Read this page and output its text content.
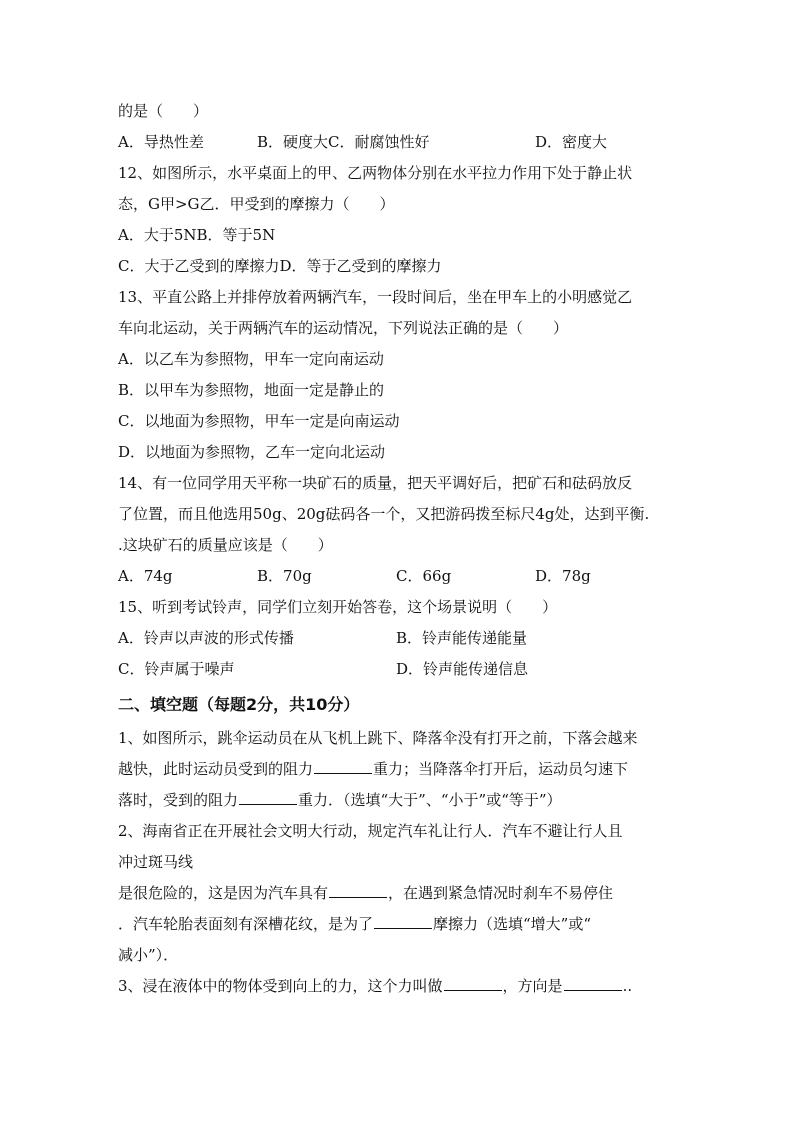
的是（　　）
A．导热性差	B．硬度大C．耐腐蚀性好	D．密度大
12、如图所示，水平桌面上的甲、乙两物体分别在水平拉力作用下处于静止状
态，G甲>G乙．甲受到的摩擦力（　　）
A．大于5NB．等于5N
C．大于乙受到的摩擦力D．等于乙受到的摩擦力
13、平直公路上并排停放着两辆汽车，一段时间后，坐在甲车上的小明感觉乙
车向北运动，关于两辆汽车的运动情况，下列说法正确的是（　　）
A．以乙车为参照物，甲车一定向南运动
B．以甲车为参照物，地面一定是静止的
C．以地面为参照物，甲车一定是向南运动
D．以地面为参照物，乙车一定向北运动
14、有一位同学用天平称一块矿石的质量，把天平调好后，把矿石和砝码放反
了位置，而且他选用50g、20g砝码各一个，又把游码拨至标尺4g处，达到平衡.
.这块矿石的质量应该是（　　）
A．74g	B．70g	C．66g	D．78g
15、听到考试铃声，同学们立刻开始答卷，这个场景说明（　　）
A．铃声以声波的形式传播	B．铃声能传递能量
C．铃声属于噪声	D．铃声能传递信息
二、填空题（每题2分，共10分）
1、如图所示，跳伞运动员在从飞机上跳下、降落伞没有打开之前，下落会越来
越快，此时运动员受到的阻力	重力；当降落伞打开后，运动员匀速下
落时，受到的阻力	重力．（选填“大于”、“小于”或“等于”）
2、海南省正在开展社会文明大行动，规定汽车礼让行人．汽车不避让行人且
冲过斑马线
是很危险的，这是因为汽车具有	，在遇到紧急情况时刹车不易停住
．汽车轮胎表面刻有深槽花纹，是为了	摩擦力（选填“增大”或“
减小”）．
3、浸在液体中的物体受到向上的力，这个力叫做	，方向是	..
